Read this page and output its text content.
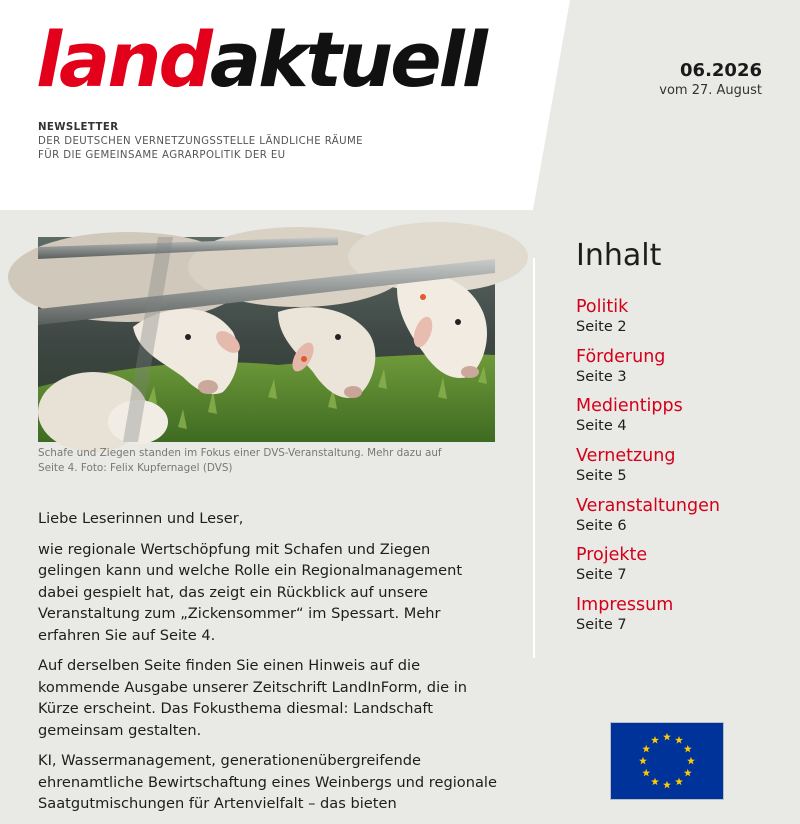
landaktuell	06.2026
vom 27. August
NEWSLETTER
DER DEUTSCHEN VERNETZUNGSSTELLE LÄNDLICHE RÄUME
FÜR DIE GEMEINSAME AGRARPOLITIK DER EU
Schafe und Ziegen standen im Fokus einer DVS-Veranstaltung. Mehr dazu auf
Seite 4. Foto: Felix Kupfernagel (DVS)

Liebe Leserinnen und Leser,

wie regionale Wertschöpfung mit Schafen und Ziegen gelingen kann und welche Rolle ein Regionalmanagement dabei gespielt hat, das zeigt ein Rückblick auf unsere Veranstaltung zum „Zickensommer“ im Spessart. Mehr erfahren Sie auf Seite 4.

Auf derselben Seite finden Sie einen Hinweis auf die kommende Ausgabe unserer Zeitschrift LandInForm, die in Kürze erscheint. Das Fokusthema diesmal: Landschaft gemeinsam gestalten.

KI, Wassermanagement, generationenübergreifende ehrenamtliche Bewirtschaftung eines Weinbergs und regionale Saatgutmischungen für Artenvielfalt – das bieten

Inhalt
Politik
Seite 2
Förderung
Seite 3
Medientipps
Seite 4
Vernetzung
Seite 5
Veranstaltungen
Seite 6
Projekte
Seite 7
Impressum
Seite 7
